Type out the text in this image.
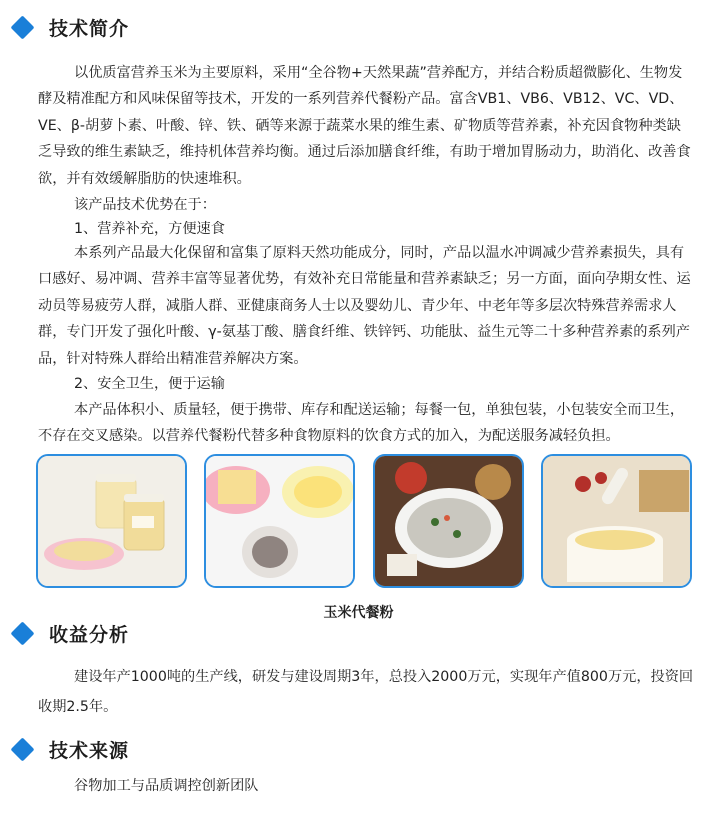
技术简介

以优质富营养玉米为主要原料，采用“全谷物+天然果蔬”营养配方，并结合粉质超微膨化、生物发酵及精准配方和风味保留等技术，开发的一系列营养代餐粉产品。富含VB1、VB6、VB12、VC、VD、VE、β-胡萝卜素、叶酸、锌、铁、硒等来源于蔬菜水果的维生素、矿物质等营养素，补充因食物种类缺乏导致的维生素缺乏，维持机体营养均衡。通过后添加膳食纤维，有助于增加胃肠动力，助消化、改善食欲，并有效缓解脂肪的快速堆积。

该产品技术优势在于：

1、营养补充，方便速食

本系列产品最大化保留和富集了原料天然功能成分，同时，产品以温水冲调减少营养素损失，具有口感好、易冲调、营养丰富等显著优势，有效补充日常能量和营养素缺乏；另一方面，面向孕期女性、运动员等易疲劳人群，减脂人群、亚健康商务人士以及婴幼儿、青少年、中老年等多层次特殊营养需求人群，专门开发了强化叶酸、γ-氨基丁酸、膳食纤维、铁锌钙、功能肽、益生元等二十多种营养素的系列产品，针对特殊人群给出精准营养解决方案。

2、安全卫生，便于运输

本产品体积小、质量轻，便于携带、库存和配送运输；每餐一包，单独包装，小包装安全而卫生，不存在交叉感染。以营养代餐粉代替多种食物原料的饮食方式的加入，为配送服务减轻负担。

玉米代餐粉
收益分析

建设年产1000吨的生产线，研发与建设周期3年，总投入2000万元，实现年产值800万元，投资回收期2.5年。

技术来源

谷物加工与品质调控创新团队
